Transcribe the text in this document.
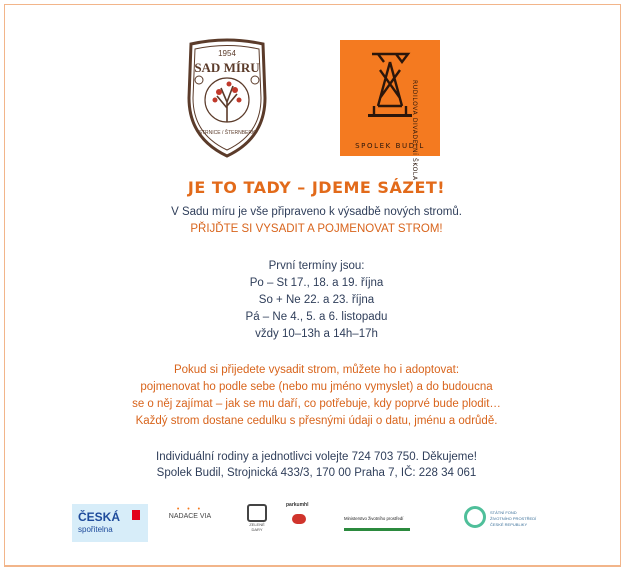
1954
SAD MÍRU
STRNICE / ŠTERNBERK	RUDILOVA DIVADELNÍ ŠKOLA
SPOLEK BUDIL
JE TO TADY – JDEME SÁZET!
V Sadu míru je vše připraveno k výsadbě nových stromů.
PŘIJĎTE SI VYSADIT A POJMENOVAT STROM!
První termíny jsou:
Po – St 17., 18. a 19. října
So + Ne 22. a 23. října
Pá – Ne 4., 5. a 6. listopadu
vždy 10–13h a 14h–17h
Pokud si přijedete vysadit strom, můžete ho i adoptovat:
pojmenovat ho podle sebe (nebo mu jméno vymyslet) a do budoucna
se o něj zajímat – jak se mu daří, co potřebuje, kdy poprvé bude plodit…
Každý strom dostane cedulku s přesnými údaji o datu, jménu a odrůdě.
Individuální rodiny a jednotlivci volejte 724 703 750. Děkujeme!
Spolek Budil, Strojnická 433/3, 170 00 Praha 7, IČ: 228 34 061
ČESKÁ
spořitelna
• • •
NADACE VIA
ZELENÉ
DARY
parkumhl
Ministerstvo životního prostředí
STÁTNÍ FOND
ŽIVOTNÍHO PROSTŘEDÍ
ČESKÉ REPUBLIKY
